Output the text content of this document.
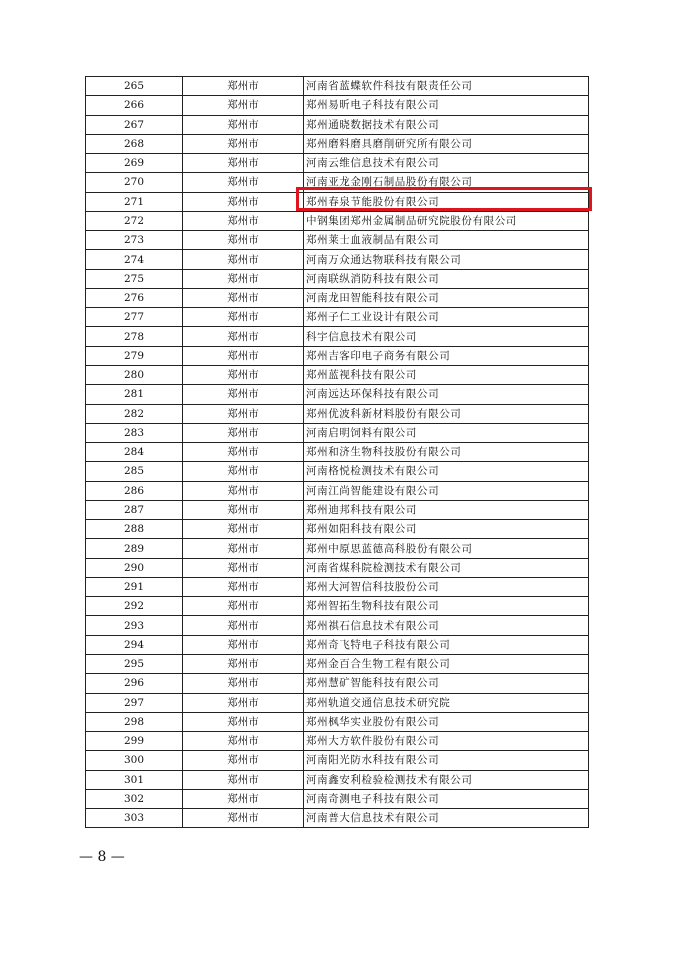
265	郑州市	河南省蓝蝶软件科技有限责任公司
266	郑州市	郑州易昕电子科技有限公司
267	郑州市	郑州通晓数据技术有限公司
268	郑州市	郑州磨料磨具磨削研究所有限公司
269	郑州市	河南云维信息技术有限公司
270	郑州市	河南亚龙金刚石制品股份有限公司
271	郑州市	郑州春泉节能股份有限公司
272	郑州市	中钢集团郑州金属制品研究院股份有限公司
273	郑州市	郑州莱士血液制品有限公司
274	郑州市	河南万众通达物联科技有限公司
275	郑州市	河南联纵消防科技有限公司
276	郑州市	河南龙田智能科技有限公司
277	郑州市	郑州子仁工业设计有限公司
278	郑州市	科宇信息技术有限公司
279	郑州市	郑州吉客印电子商务有限公司
280	郑州市	郑州蓝视科技有限公司
281	郑州市	河南远达环保科技有限公司
282	郑州市	郑州优波科新材料股份有限公司
283	郑州市	河南启明饲料有限公司
284	郑州市	郑州和济生物科技股份有限公司
285	郑州市	河南格悦检测技术有限公司
286	郑州市	河南江尚智能建设有限公司
287	郑州市	郑州迪邦科技有限公司
288	郑州市	郑州如阳科技有限公司
289	郑州市	郑州中原思蓝德高科股份有限公司
290	郑州市	河南省煤科院检测技术有限公司
291	郑州市	郑州大河智信科技股份公司
292	郑州市	郑州智拓生物科技有限公司
293	郑州市	郑州祺石信息技术有限公司
294	郑州市	郑州奇飞特电子科技有限公司
295	郑州市	郑州金百合生物工程有限公司
296	郑州市	郑州慧矿智能科技有限公司
297	郑州市	郑州轨道交通信息技术研究院
298	郑州市	郑州枫华实业股份有限公司
299	郑州市	郑州大方软件股份有限公司
300	郑州市	河南阳光防水科技有限公司
301	郑州市	河南鑫安利检验检测技术有限公司
302	郑州市	河南奇测电子科技有限公司
303	郑州市	河南普大信息技术有限公司
— 8 —
